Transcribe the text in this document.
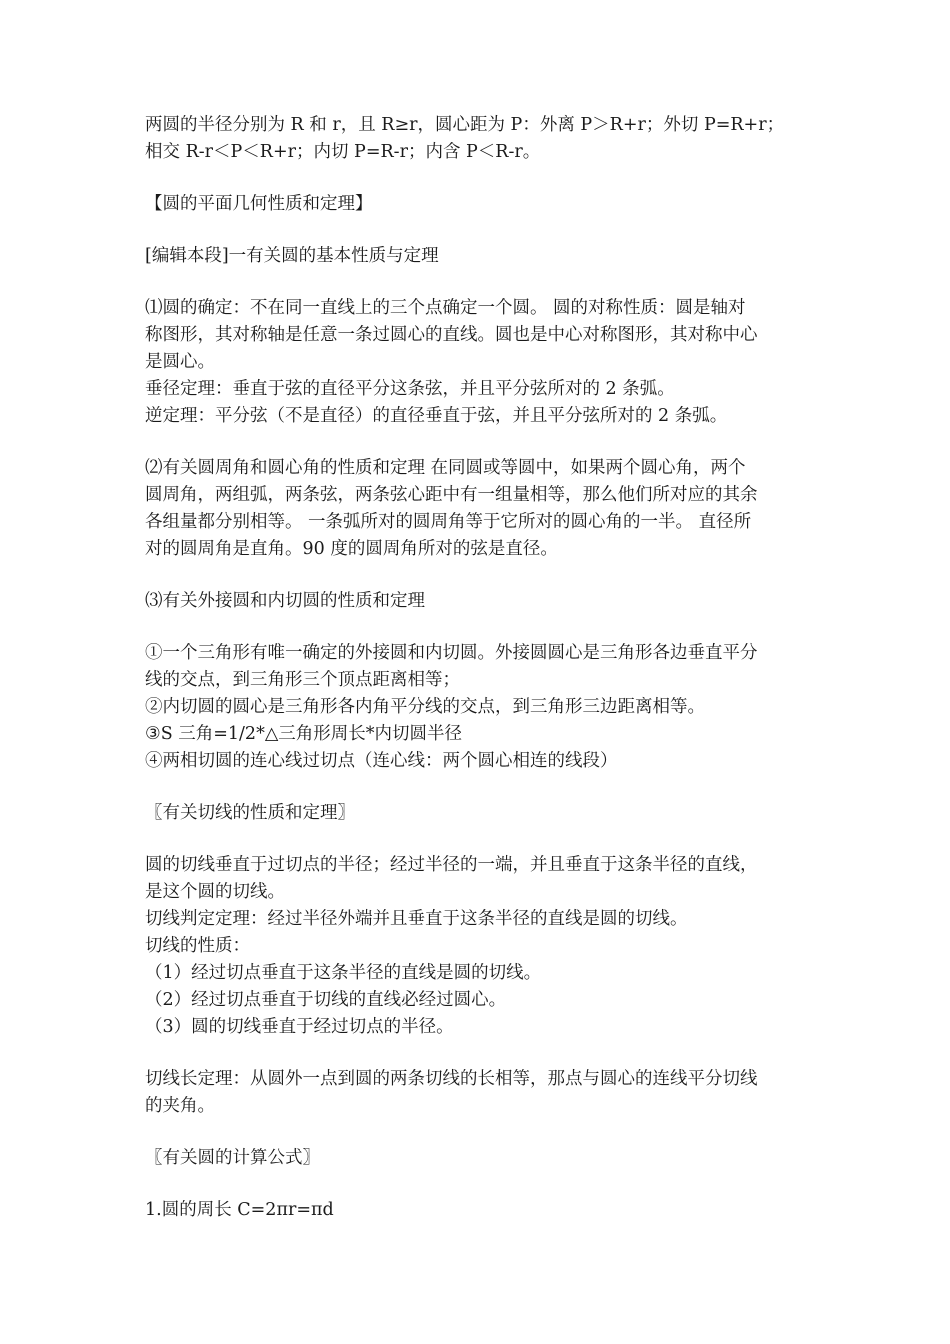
两圆的半径分别为 R 和 r，且 R≥r，圆心距为 P：外离 P＞R+r；外切 P=R+r；
相交 R-r＜P＜R+r；内切 P=R-r；内含 P＜R-r。
【圆的平面几何性质和定理】
[编辑本段]一有关圆的基本性质与定理
⑴圆的确定：不在同一直线上的三个点确定一个圆。 圆的对称性质：圆是轴对
称图形，其对称轴是任意一条过圆心的直线。圆也是中心对称图形，其对称中心
是圆心。
垂径定理：垂直于弦的直径平分这条弦，并且平分弦所对的 2 条弧。
逆定理：平分弦（不是直径）的直径垂直于弦，并且平分弦所对的 2 条弧。
⑵有关圆周角和圆心角的性质和定理 在同圆或等圆中，如果两个圆心角，两个
圆周角，两组弧，两条弦，两条弦心距中有一组量相等，那么他们所对应的其余
各组量都分别相等。 一条弧所对的圆周角等于它所对的圆心角的一半。 直径所
对的圆周角是直角。90 度的圆周角所对的弦是直径。
⑶有关外接圆和内切圆的性质和定理
①一个三角形有唯一确定的外接圆和内切圆。外接圆圆心是三角形各边垂直平分
线的交点，到三角形三个顶点距离相等；
②内切圆的圆心是三角形各内角平分线的交点，到三角形三边距离相等。
③S 三角=1/2*△三角形周长*内切圆半径
④两相切圆的连心线过切点（连心线：两个圆心相连的线段）
〖有关切线的性质和定理〗
圆的切线垂直于过切点的半径；经过半径的一端，并且垂直于这条半径的直线，
是这个圆的切线。
切线判定定理：经过半径外端并且垂直于这条半径的直线是圆的切线。
切线的性质：
（1）经过切点垂直于这条半径的直线是圆的切线。
（2）经过切点垂直于切线的直线必经过圆心。
（3）圆的切线垂直于经过切点的半径。
切线长定理：从圆外一点到圆的两条切线的长相等，那点与圆心的连线平分切线
的夹角。
〖有关圆的计算公式〗
1.圆的周长 C=2πr=πd
